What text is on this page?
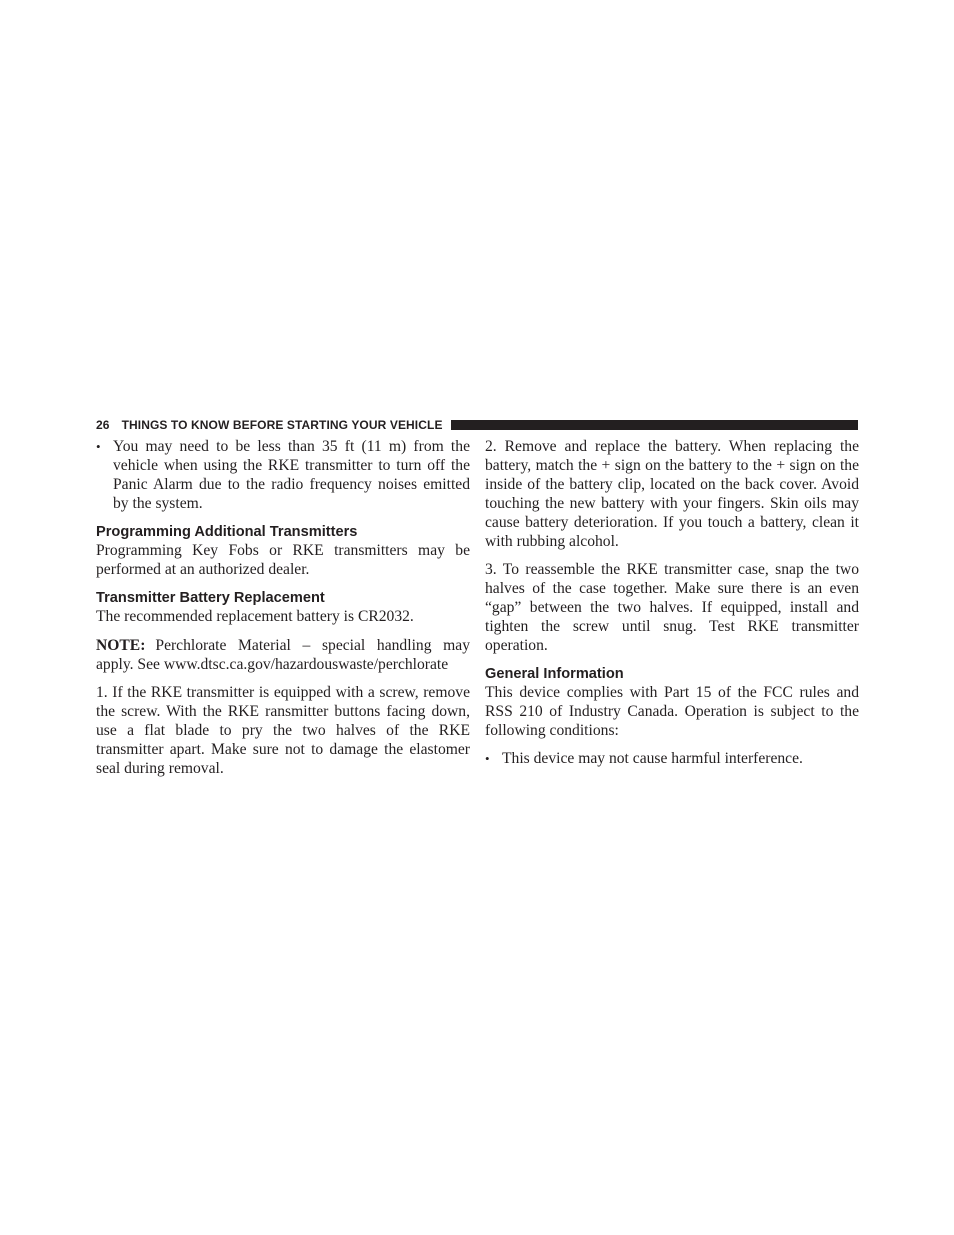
26 THINGS TO KNOW BEFORE STARTING YOUR VEHICLE
• You may need to be less than 35 ft (11 m) from the vehicle when using the RKE transmitter to turn off the Panic Alarm due to the radio frequency noises emitted by the system.
Programming Additional Transmitters

Programming Key Fobs or RKE transmitters may be performed at an authorized dealer.

Transmitter Battery Replacement

The recommended replacement battery is CR2032.

NOTE: Perchlorate Material – special handling may apply. See www.dtsc.ca.gov/hazardouswaste/perchlorate

1. If the RKE transmitter is equipped with a screw, remove the screw. With the RKE ransmitter buttons facing down, use a flat blade to pry the two halves of the RKE transmitter apart. Make sure not to damage the elastomer seal during removal.

2. Remove and replace the battery. When replacing the battery, match the + sign on the battery to the + sign on the inside of the battery clip, located on the back cover. Avoid touching the new battery with your fingers. Skin oils may cause battery deterioration. If you touch a battery, clean it with rubbing alcohol.

3. To reassemble the RKE transmitter case, snap the two halves of the case together. Make sure there is an even “gap” between the two halves. If equipped, install and tighten the screw until snug. Test RKE transmitter operation.

General Information

This device complies with Part 15 of the FCC rules and RSS 210 of Industry Canada. Operation is subject to the following conditions:

• This device may not cause harmful interference.
